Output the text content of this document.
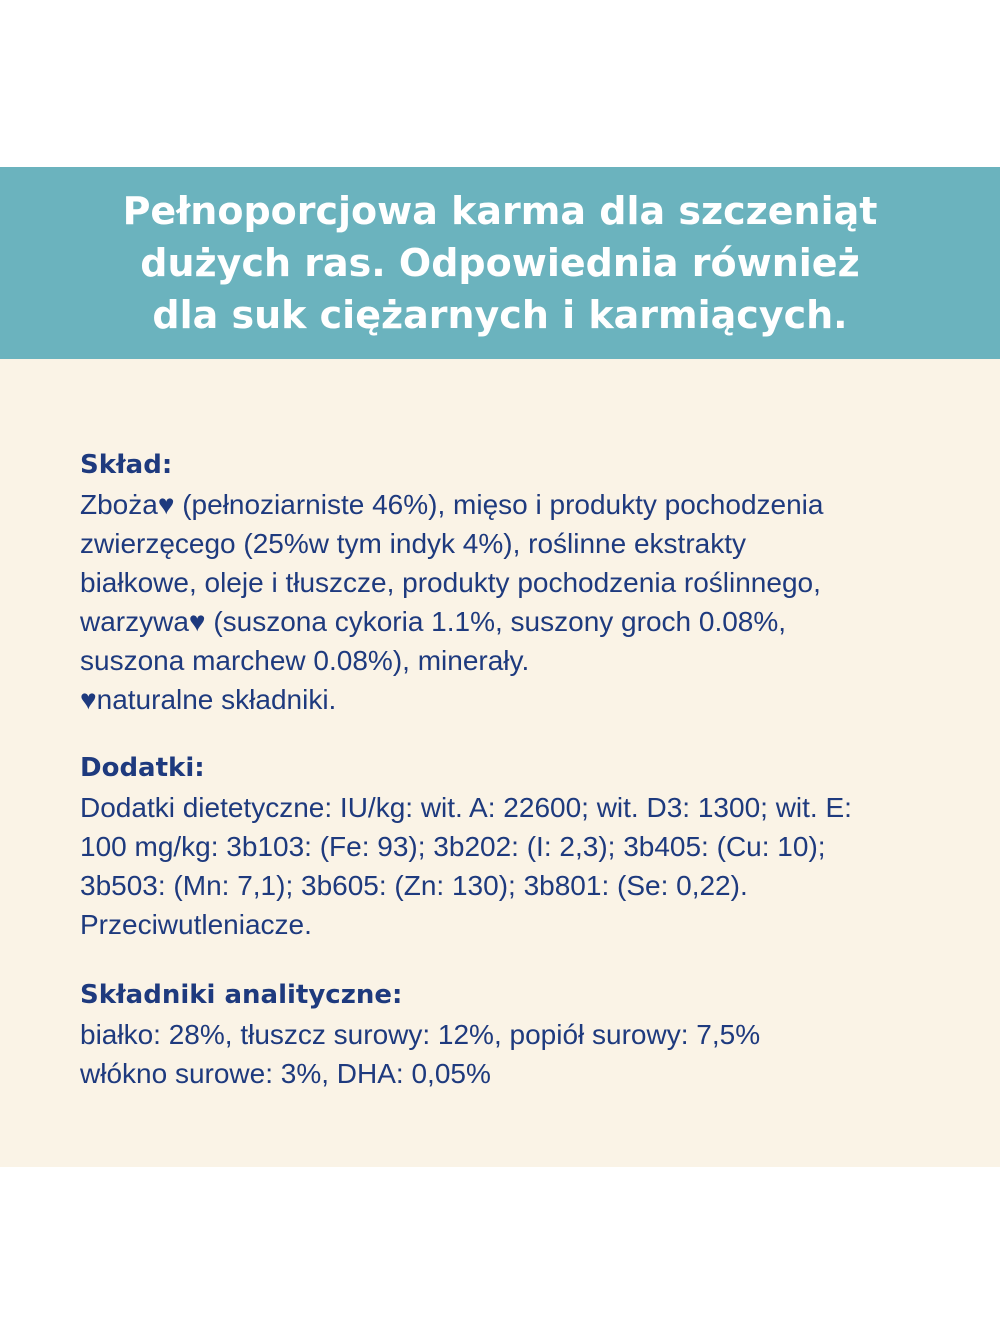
Pełnoporcjowa karma dla szczeniąt
dużych ras. Odpowiednia również
dla suk ciężarnych i karmiących.
Skład:
Zboża♥ (pełnoziarniste 46%), mięso i produkty pochodzenia
zwierzęcego (25%w tym indyk 4%), roślinne ekstrakty
białkowe, oleje i tłuszcze, produkty pochodzenia roślinnego,
warzywa♥ (suszona cykoria 1.1%, suszony groch 0.08%,
suszona marchew 0.08%), minerały.
♥naturalne składniki.
Dodatki:
Dodatki dietetyczne: IU/kg: wit. A: 22600; wit. D3: 1300; wit. E:
100 mg/kg: 3b103: (Fe: 93); 3b202: (I: 2,3); 3b405: (Cu: 10);
3b503: (Mn: 7,1); 3b605: (Zn: 130); 3b801: (Se: 0,22).
Przeciwutleniacze.
Składniki analityczne:
białko: 28%, tłuszcz surowy: 12%, popiół surowy: 7,5%
włókno surowe: 3%, DHA: 0,05%
